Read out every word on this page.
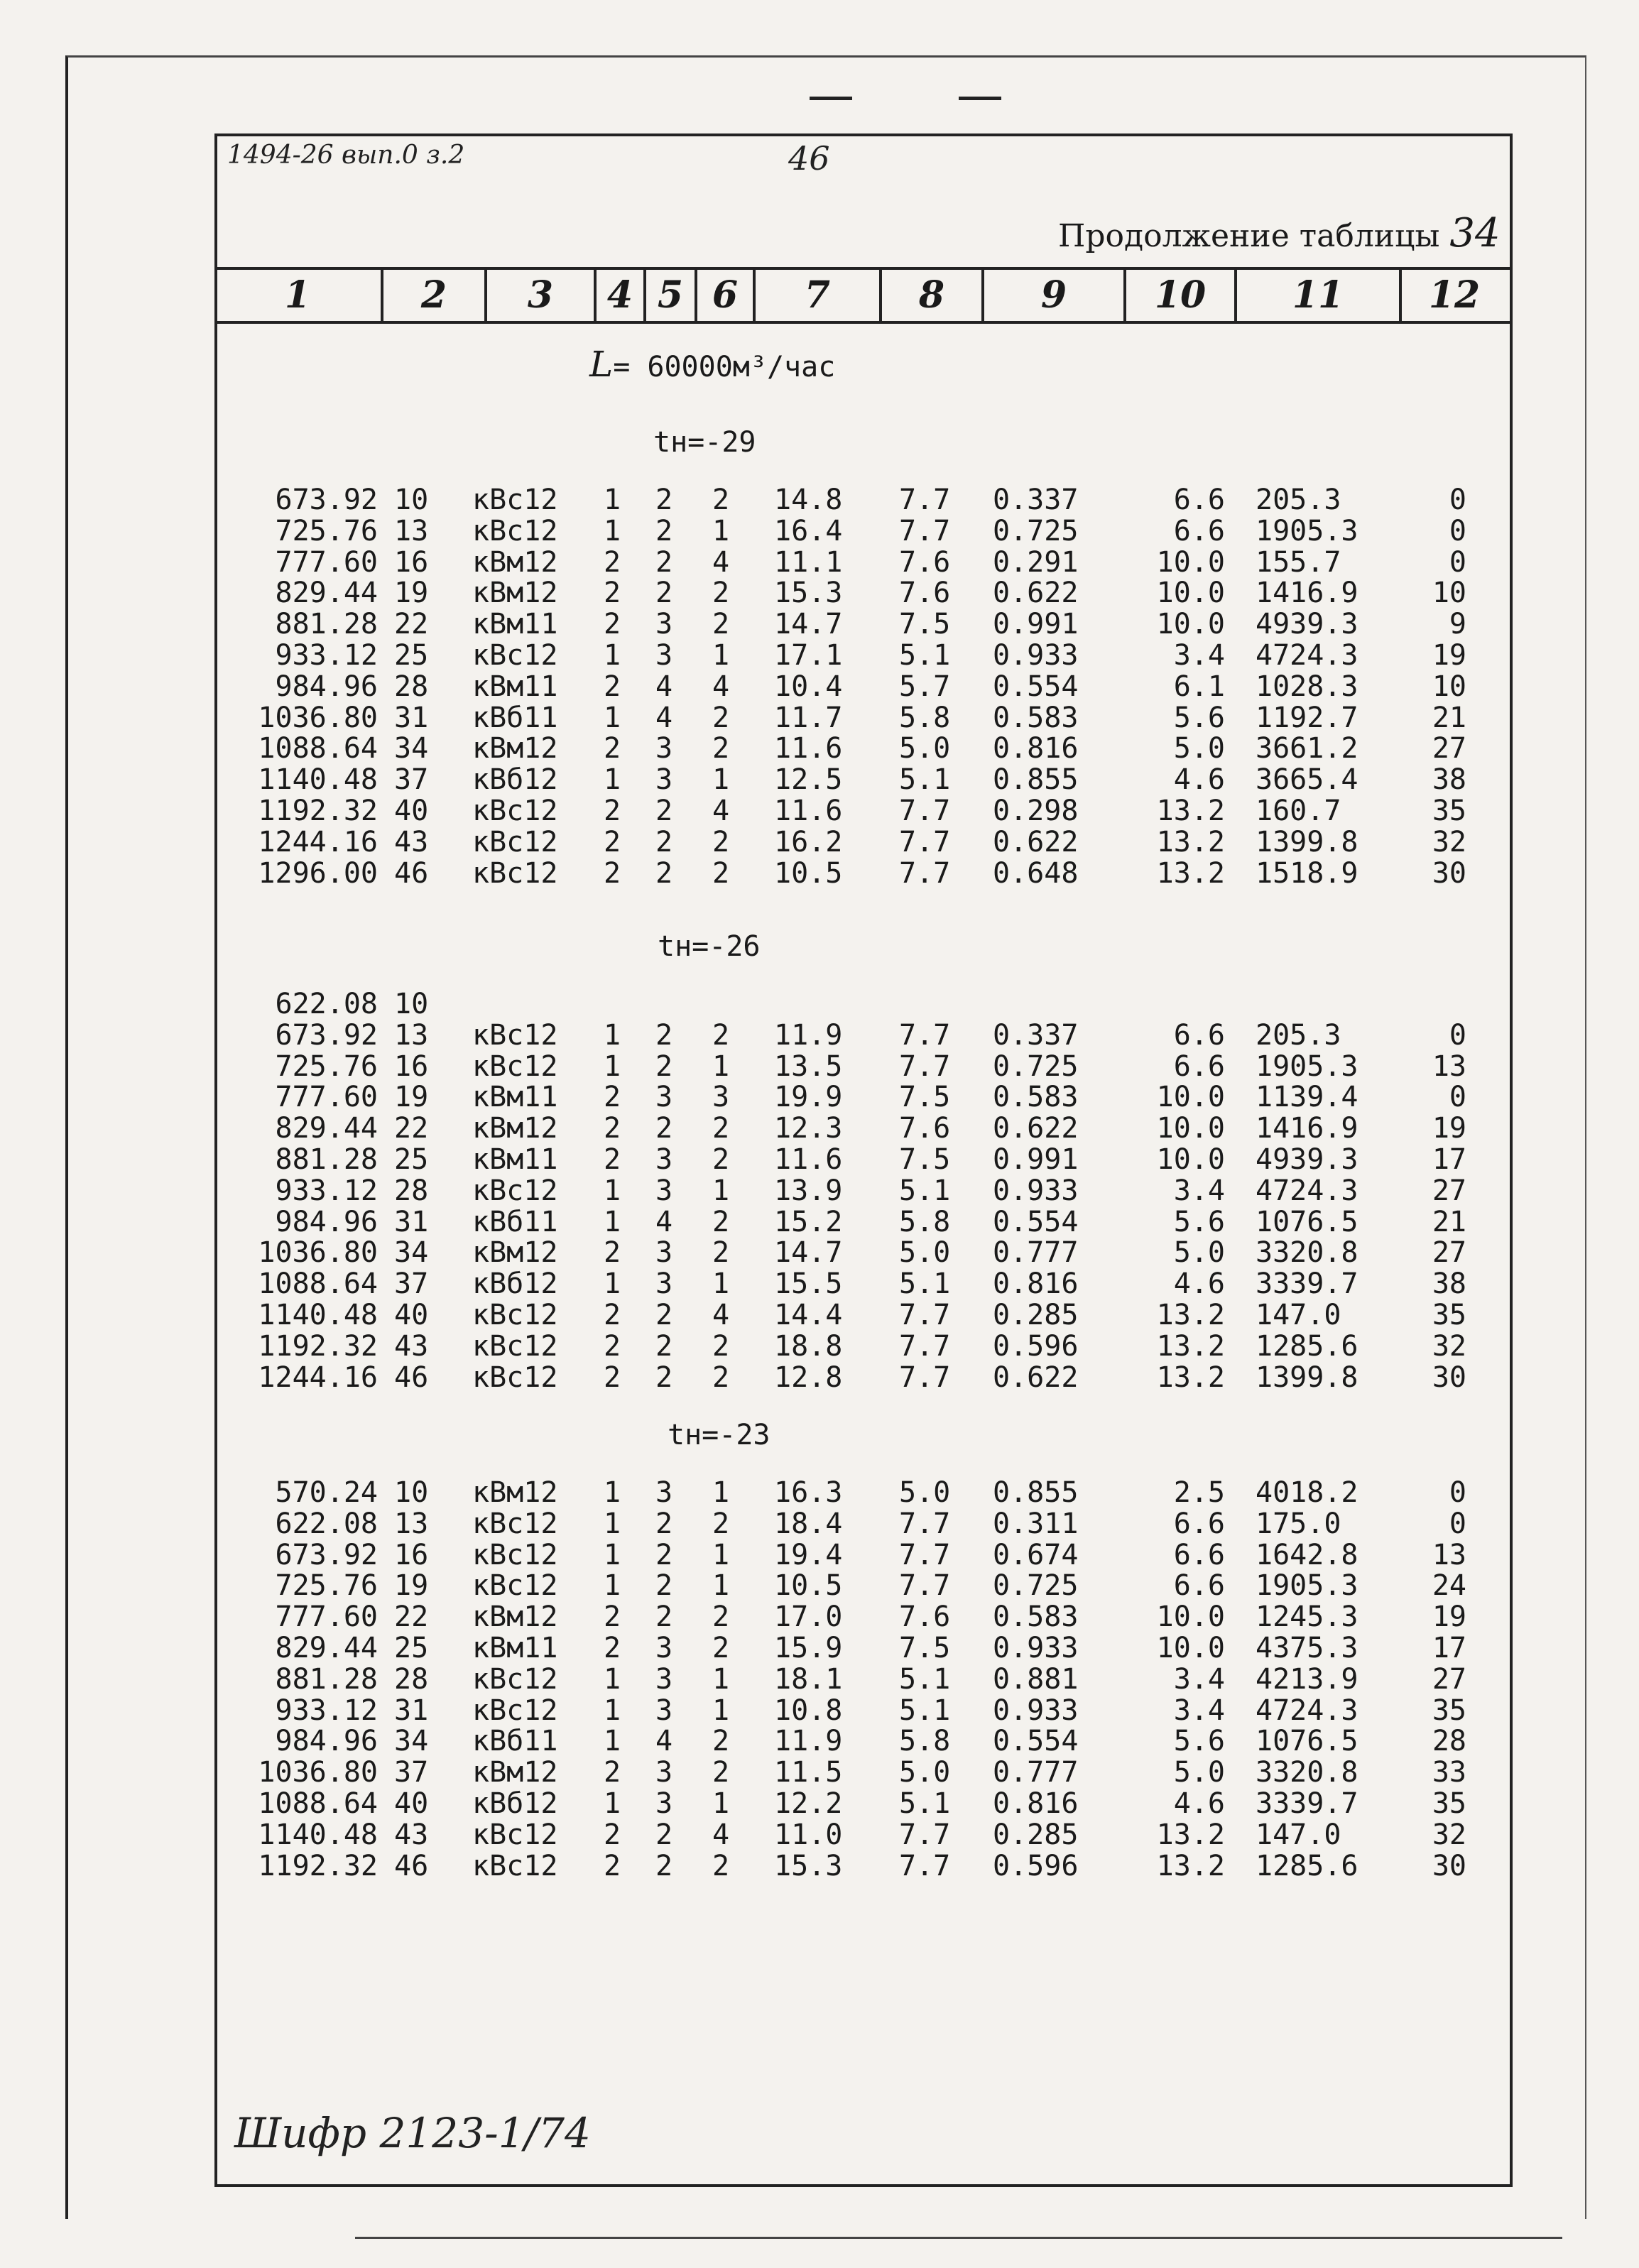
1494-26 вып.0 з.2	46
Продолжение таблицы 34
1	2	3	4 5 6	7	8	9	10	11	12
L= 60000м³/час
tн=-29
673.92 10	кВс12	1 2 2 14.8	7.7	0.337	6.6 205.3	0
725.76 13	кВс12	1 2 1 16.4	7.7	0.725	6.6 1905.3	0
777.60 16	кВм12	2 2 4 11.1	7.6	0.291	10.0 155.7	0
829.44 19	кВм12	2 2 2 15.3	7.6	0.622	10.0 1416.9	10
881.28 22	кВм11	2 3 2 14.7	7.5	0.991	10.0 4939.3	9
933.12 25	кВс12	1 3 1 17.1	5.1	0.933	3.4 4724.3	19
984.96 28	кВм11	2 4 4 10.4	5.7	0.554	6.1 1028.3	10
1036.80 31	кВб11	1 4 2 11.7	5.8	0.583	5.6 1192.7	21
1088.64 34	кВм12	2 3 2 11.6	5.0	0.816	5.0 3661.2	27
1140.48 37	кВб12	1 3 1 12.5	5.1	0.855	4.6 3665.4	38
1192.32 40	кВс12	2 2 4 11.6	7.7	0.298	13.2 160.7	35
1244.16 43	кВс12	2 2 2 16.2	7.7	0.622	13.2 1399.8	32
1296.00 46	кВс12	2 2 2 10.5	7.7	0.648	13.2 1518.9	30
tн=-26
622.08 10
673.92 13	кВс12	1 2 2 11.9	7.7	0.337	6.6 205.3	0
725.76 16	кВс12	1 2 1 13.5	7.7	0.725	6.6 1905.3	13
777.60 19	кВм11	2 3 3 19.9	7.5	0.583	10.0 1139.4	0
829.44 22	кВм12	2 2 2 12.3	7.6	0.622	10.0 1416.9	19
881.28 25	кВм11	2 3 2 11.6	7.5	0.991	10.0 4939.3	17
933.12 28	кВс12	1 3 1 13.9	5.1	0.933	3.4 4724.3	27
984.96 31	кВб11	1 4 2 15.2	5.8	0.554	5.6 1076.5	21
1036.80 34	кВм12	2 3 2 14.7	5.0	0.777	5.0 3320.8	27
1088.64 37	кВб12	1 3 1 15.5	5.1	0.816	4.6 3339.7	38
1140.48 40	кВс12	2 2 4 14.4	7.7	0.285	13.2 147.0	35
1192.32 43	кВс12	2 2 2 18.8	7.7	0.596	13.2 1285.6	32
1244.16 46	кВс12	2 2 2 12.8	7.7	0.622	13.2 1399.8	30
tн=-23
570.24 10	кВм12	1 3 1 16.3	5.0	0.855	2.5 4018.2	0
622.08 13	кВс12	1 2 2 18.4	7.7	0.311	6.6 175.0	0
673.92 16	кВс12	1 2 1 19.4	7.7	0.674	6.6 1642.8	13
725.76 19	кВс12	1 2 1 10.5	7.7	0.725	6.6 1905.3	24
777.60 22	кВм12	2 2 2 17.0	7.6	0.583	10.0 1245.3	19
829.44 25	кВм11	2 3 2 15.9	7.5	0.933	10.0 4375.3	17
881.28 28	кВс12	1 3 1 18.1	5.1	0.881	3.4 4213.9	27
933.12 31	кВс12	1 3 1 10.8	5.1	0.933	3.4 4724.3	35
984.96 34	кВб11	1 4 2 11.9	5.8	0.554	5.6 1076.5	28
1036.80 37	кВм12	2 3 2 11.5	5.0	0.777	5.0 3320.8	33
1088.64 40	кВб12	1 3 1 12.2	5.1	0.816	4.6 3339.7	35
1140.48 43	кВс12	2 2 4 11.0	7.7	0.285	13.2 147.0	32
1192.32 46	кВс12	2 2 2 15.3	7.7	0.596	13.2 1285.6	30
Шифр 2123-1/74
